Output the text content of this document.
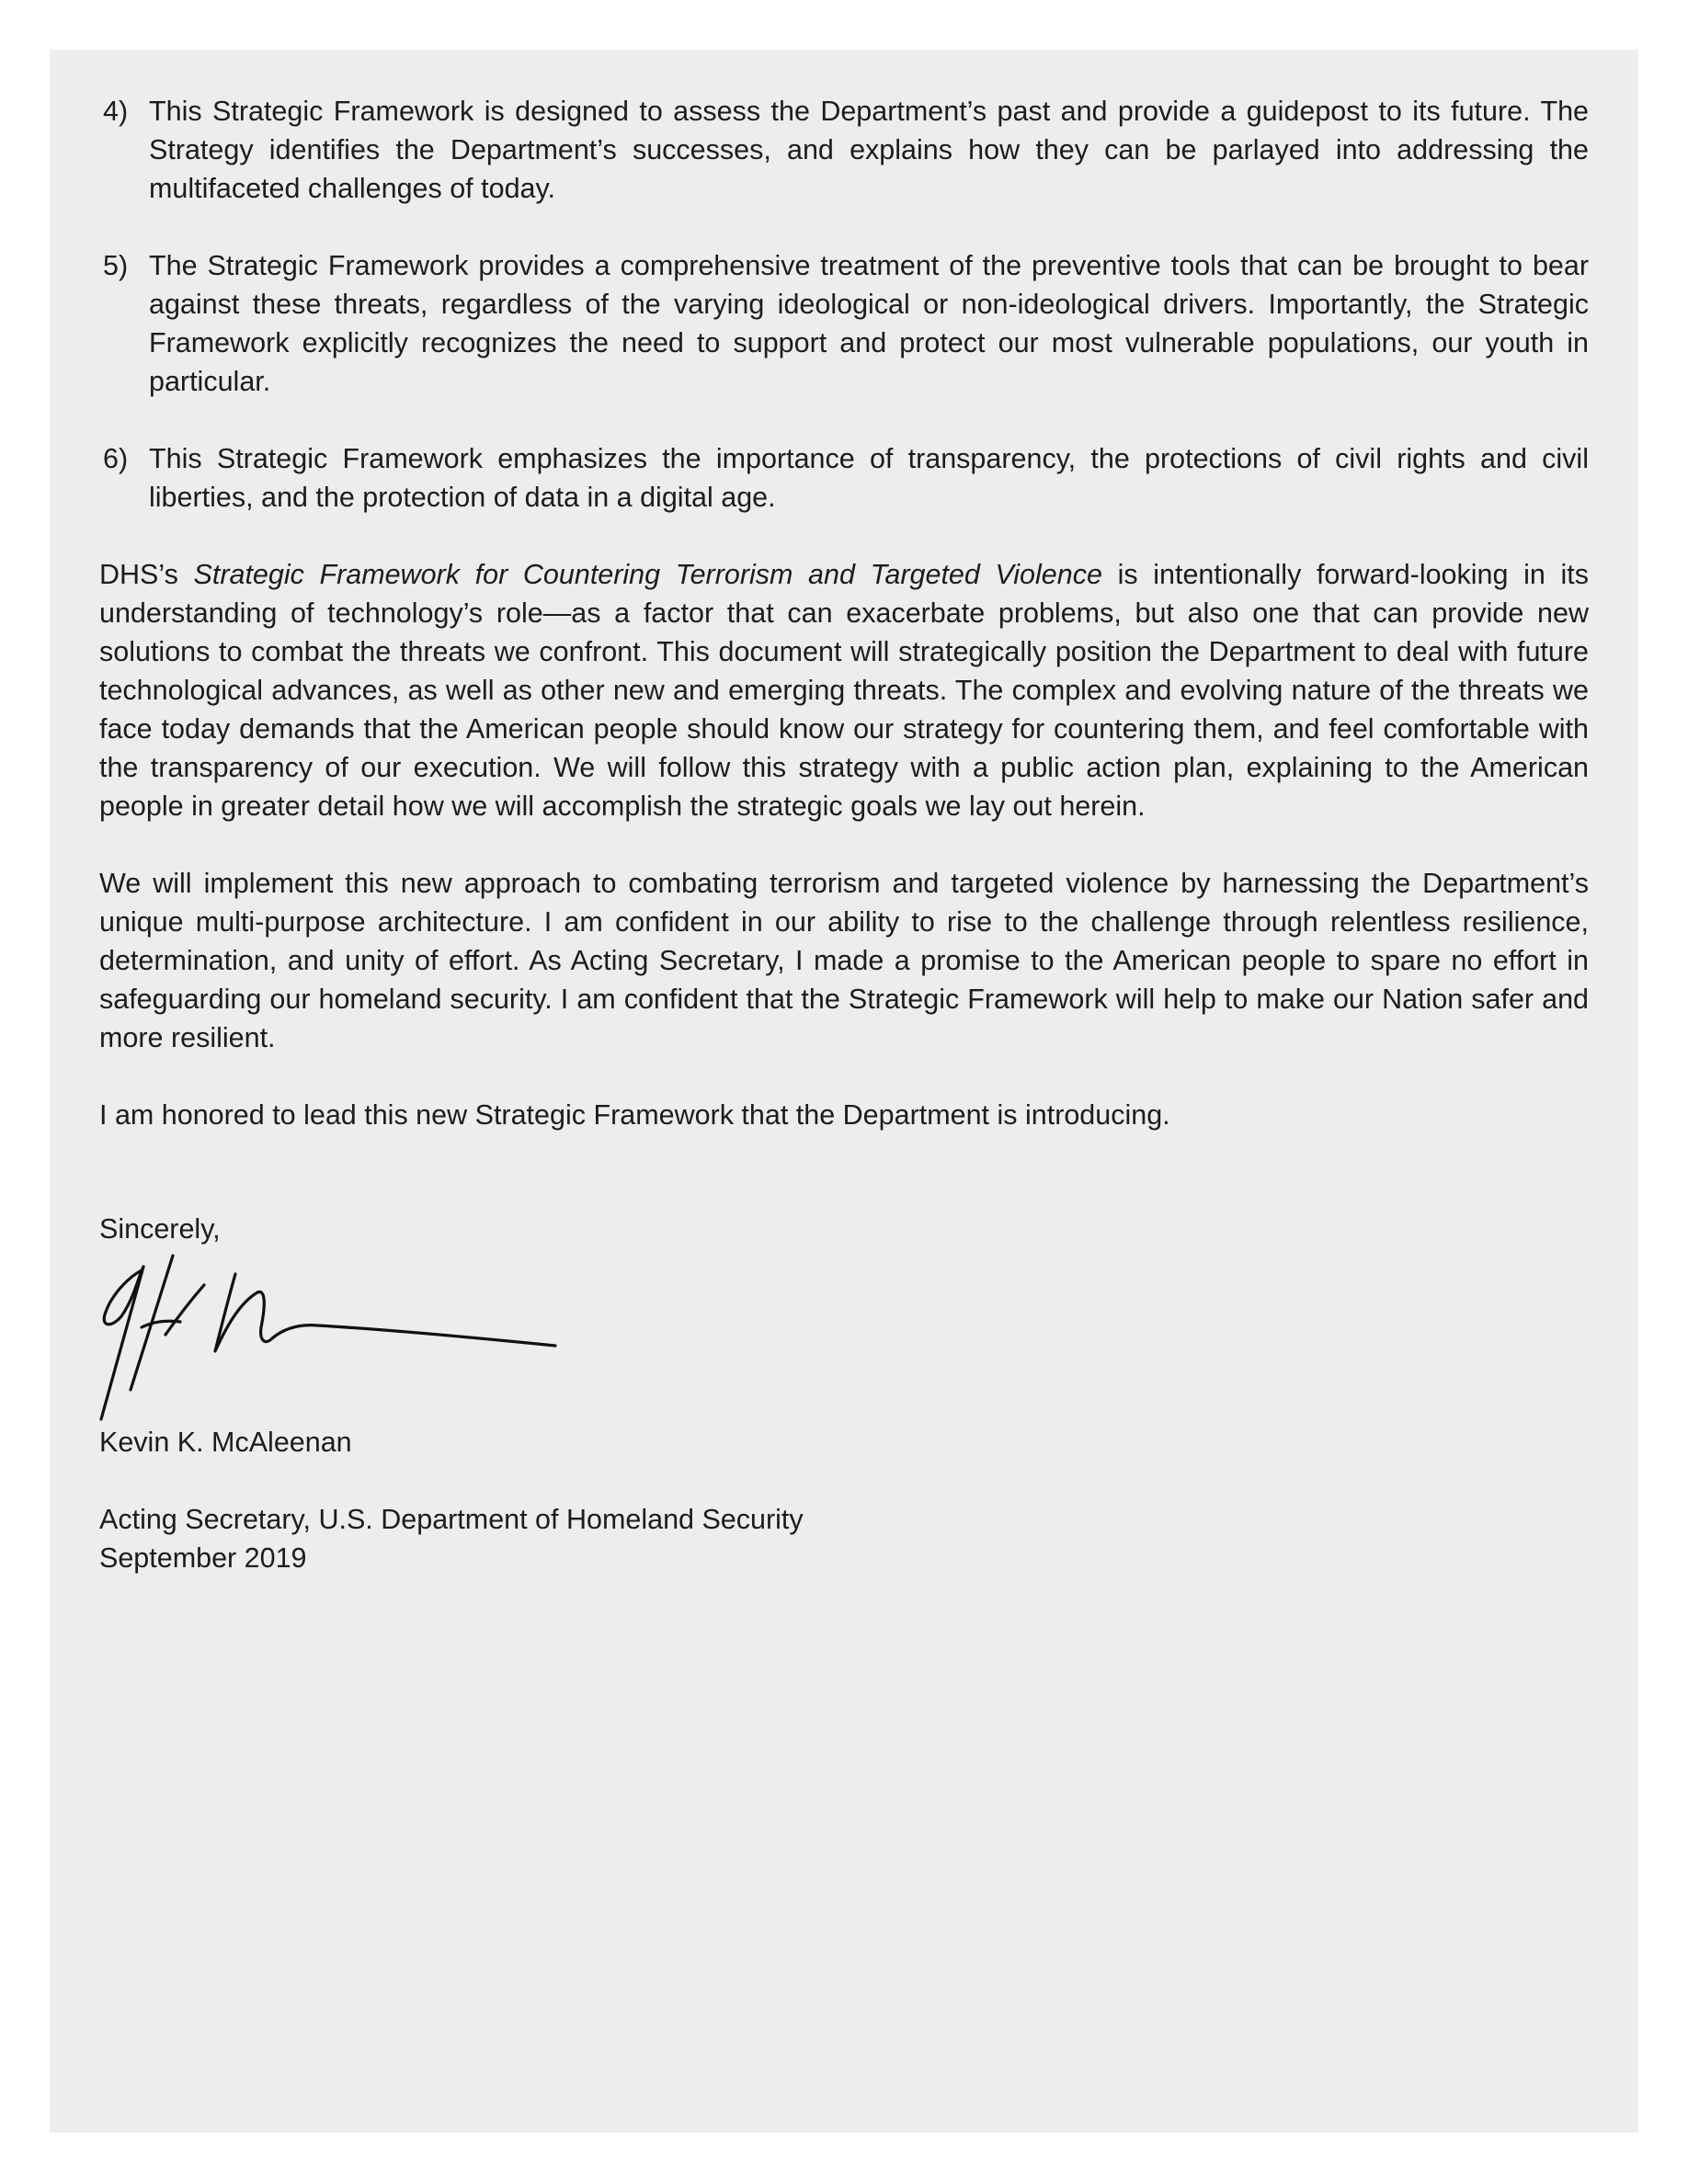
4) This Strategic Framework is designed to assess the Department’s past and provide a guidepost to its future. The Strategy identifies the Department’s successes, and explains how they can be parlayed into addressing the multifaceted challenges of today.
5) The Strategic Framework provides a comprehensive treatment of the preventive tools that can be brought to bear against these threats, regardless of the varying ideological or non-ideological drivers. Importantly, the Strategic Framework explicitly recognizes the need to support and protect our most vulnerable populations, our youth in particular.
6) This Strategic Framework emphasizes the importance of transparency, the protections of civil rights and civil liberties, and the protection of data in a digital age.

DHS’s Strategic Framework for Countering Terrorism and Targeted Violence is intentionally forward-looking in its understanding of technology’s role—as a factor that can exacerbate problems, but also one that can provide new solutions to combat the threats we confront. This document will strategically position the Department to deal with future technological advances, as well as other new and emerging threats. The complex and evolving nature of the threats we face today demands that the American people should know our strategy for countering them, and feel comfortable with the transparency of our execution. We will follow this strategy with a public action plan, explaining to the American people in greater detail how we will accomplish the strategic goals we lay out herein.

We will implement this new approach to combating terrorism and targeted violence by harnessing the Department’s unique multi-purpose architecture. I am confident in our ability to rise to the challenge through relentless resilience, determination, and unity of effort. As Acting Secretary, I made a promise to the American people to spare no effort in safeguarding our homeland security. I am confident that the Strategic Framework will help to make our Nation safer and more resilient.

I am honored to lead this new Strategic Framework that the Department is introducing.

Sincerely,
Kevin K. McAleenan
Acting Secretary, U.S. Department of Homeland Security
September 2019
